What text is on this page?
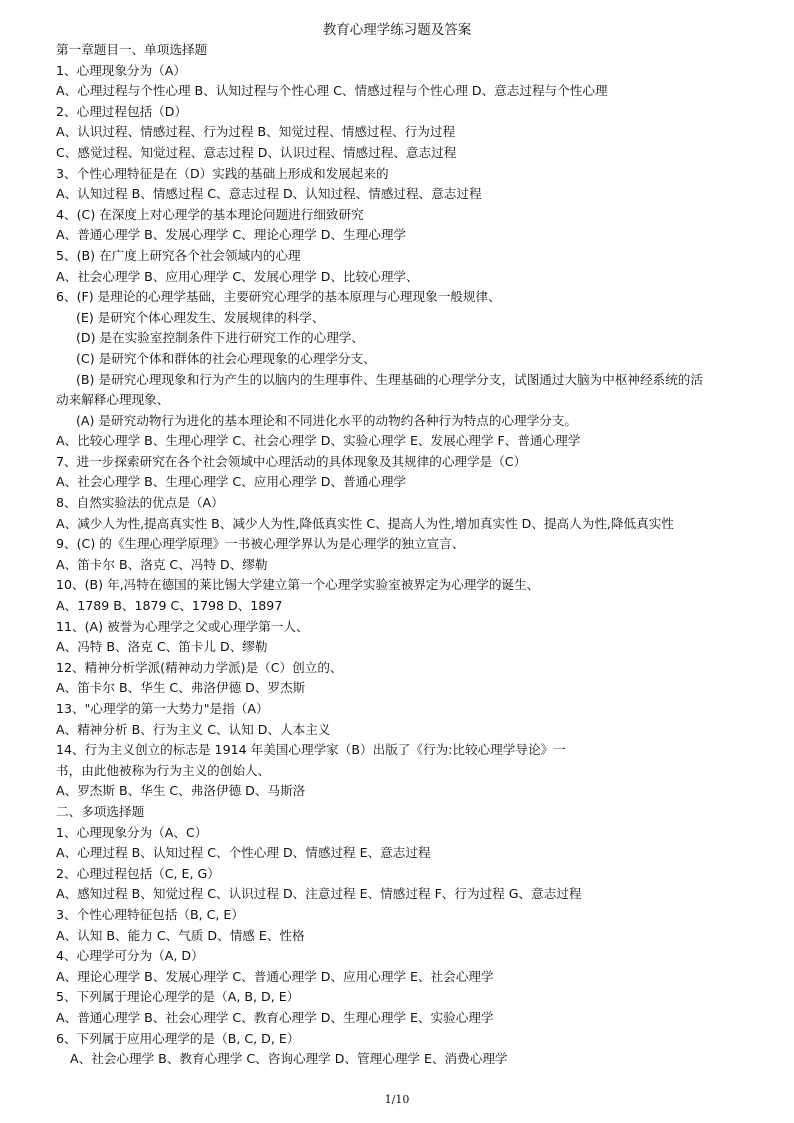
教育心理学练习题及答案
第一章题目一、单项选择题
1、心理现象分为（A）
A、心理过程与个性心理 B、认知过程与个性心理 C、情感过程与个性心理 D、意志过程与个性心理
2、心理过程包括（D）
A、认识过程、情感过程、行为过程 B、知觉过程、情感过程、行为过程
C、感觉过程、知觉过程、意志过程 D、认识过程、情感过程、意志过程
3、个性心理特征是在（D）实践的基础上形成和发展起来的
A、认知过程 B、情感过程 C、意志过程 D、认知过程、情感过程、意志过程
4、(C) 在深度上对心理学的基本理论问题进行细致研究
A、普通心理学 B、发展心理学 C、理论心理学 D、生理心理学
5、(B) 在广度上研究各个社会领域内的心理
A、社会心理学 B、应用心理学 C、发展心理学 D、比较心理学、
6、(F) 是理论的心理学基础，主要研究心理学的基本原理与心理现象一般规律、
(E) 是研究个体心理发生、发展规律的科学、
(D) 是在实验室控制条件下进行研究工作的心理学、
(C) 是研究个体和群体的社会心理现象的心理学分支、
(B) 是研究心理现象和行为产生的以脑内的生理事件、生理基础的心理学分支，试图通过大脑为中枢神经系统的活
动来解释心理现象、
(A) 是研究动物行为进化的基本理论和不同进化水平的动物约各种行为特点的心理学分支。
A、比较心理学 B、生理心理学 C、社会心理学 D、实验心理学 E、发展心理学 F、普通心理学
7、进一步探索研究在各个社会领域中心理活动的具体现象及其规律的心理学是（C）
A、社会心理学 B、生理心理学 C、应用心理学 D、普通心理学
8、自然实验法的优点是（A）
A、减少人为性,提高真实性 B、减少人为性,降低真实性 C、提高人为性,增加真实性 D、提高人为性,降低真实性
9、(C) 的《生理心理学原理》一书被心理学界认为是心理学的独立宣言、
A、笛卡尔 B、洛克 C、冯特 D、缪勒
10、(B) 年,冯特在德国的莱比锡大学建立第一个心理学实验室被界定为心理学的诞生、
A、1789 B、1879 C、1798 D、1897
11、(A) 被誉为心理学之父或心理学第一人、
A、冯特 B、洛克 C、笛卡儿 D、缪勒
12、精神分析学派(精神动力学派)是（C）创立的、
A、笛卡尔 B、华生 C、弗洛伊德 D、罗杰斯
13、"心理学的第一大势力"是指（A）
A、精神分析 B、行为主义 C、认知 D、人本主义
14、行为主义创立的标志是 1914 年美国心理学家（B）出版了《行为:比较心理学导论》一
书，由此他被称为行为主义的创始人、
A、罗杰斯 B、华生 C、弗洛伊德 D、马斯洛
二、多项选择题
1、心理现象分为（A、C）
A、心理过程 B、认知过程 C、个性心理 D、情感过程 E、意志过程
2、心理过程包括（C, E, G）
A、感知过程 B、知觉过程 C、认识过程 D、注意过程 E、情感过程 F、行为过程 G、意志过程
3、个性心理特征包括（B, C, E）
A、认知 B、能力 C、气质 D、情感 E、性格
4、心理学可分为（A, D）
A、理论心理学 B、发展心理学 C、普通心理学 D、应用心理学 E、社会心理学
5、下列属于理论心理学的是（A, B, D, E）
A、普通心理学 B、社会心理学 C、教育心理学 D、生理心理学 E、实验心理学
6、下列属于应用心理学的是（B, C, D, E）
A、社会心理学 B、教育心理学 C、咨询心理学 D、管理心理学 E、消费心理学
1/10
